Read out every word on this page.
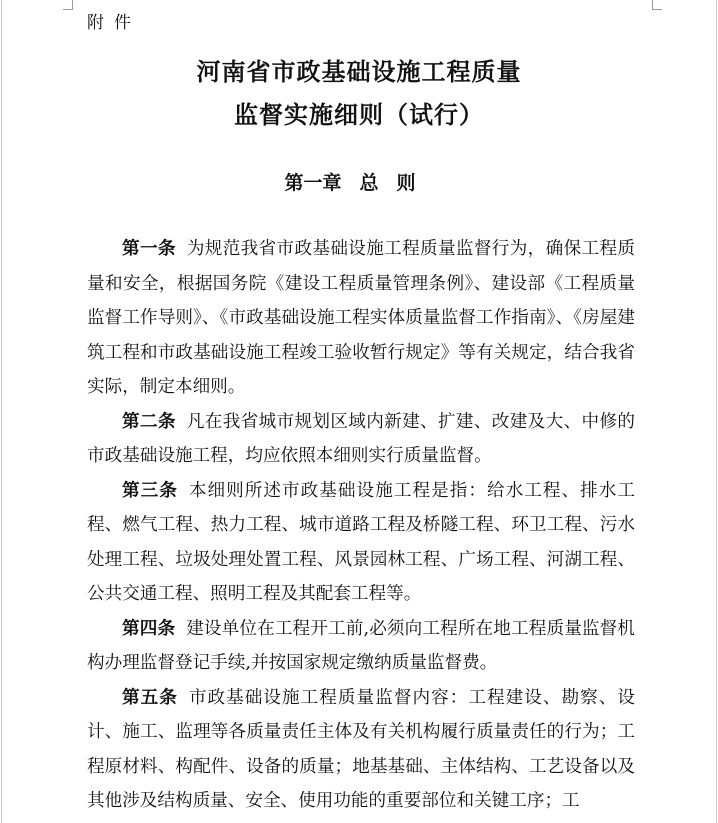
附件
河南省市政基础设施工程质量
监督实施细则（试行）
第一章 总则

第一条 为规范我省市政基础设施工程质量监督行为，确保工程质量和安全，根据国务院《建设工程质量管理条例》、建设部《工程质量监督工作导则》、《市政基础设施工程实体质量监督工作指南》、《房屋建筑工程和市政基础设施工程竣工验收暂行规定》等有关规定，结合我省实际，制定本细则。

第二条 凡在我省城市规划区域内新建、扩建、改建及大、中修的市政基础设施工程，均应依照本细则实行质量监督。

第三条 本细则所述市政基础设施工程是指：给水工程、排水工程、燃气工程、热力工程、城市道路工程及桥隧工程、环卫工程、污水处理工程、垃圾处理处置工程、风景园林工程、广场工程、河湖工程、公共交通工程、照明工程及其配套工程等。

第四条 建设单位在工程开工前,必须向工程所在地工程质量监督机构办理监督登记手续,并按国家规定缴纳质量监督费。

第五条 市政基础设施工程质量监督内容：工程建设、勘察、设计、施工、监理等各质量责任主体及有关机构履行质量责任的行为；工程原材料、构配件、设备的质量；地基基础、主体结构、工艺设备以及其他涉及结构质量、安全、使用功能的重要部位和关键工序；工
